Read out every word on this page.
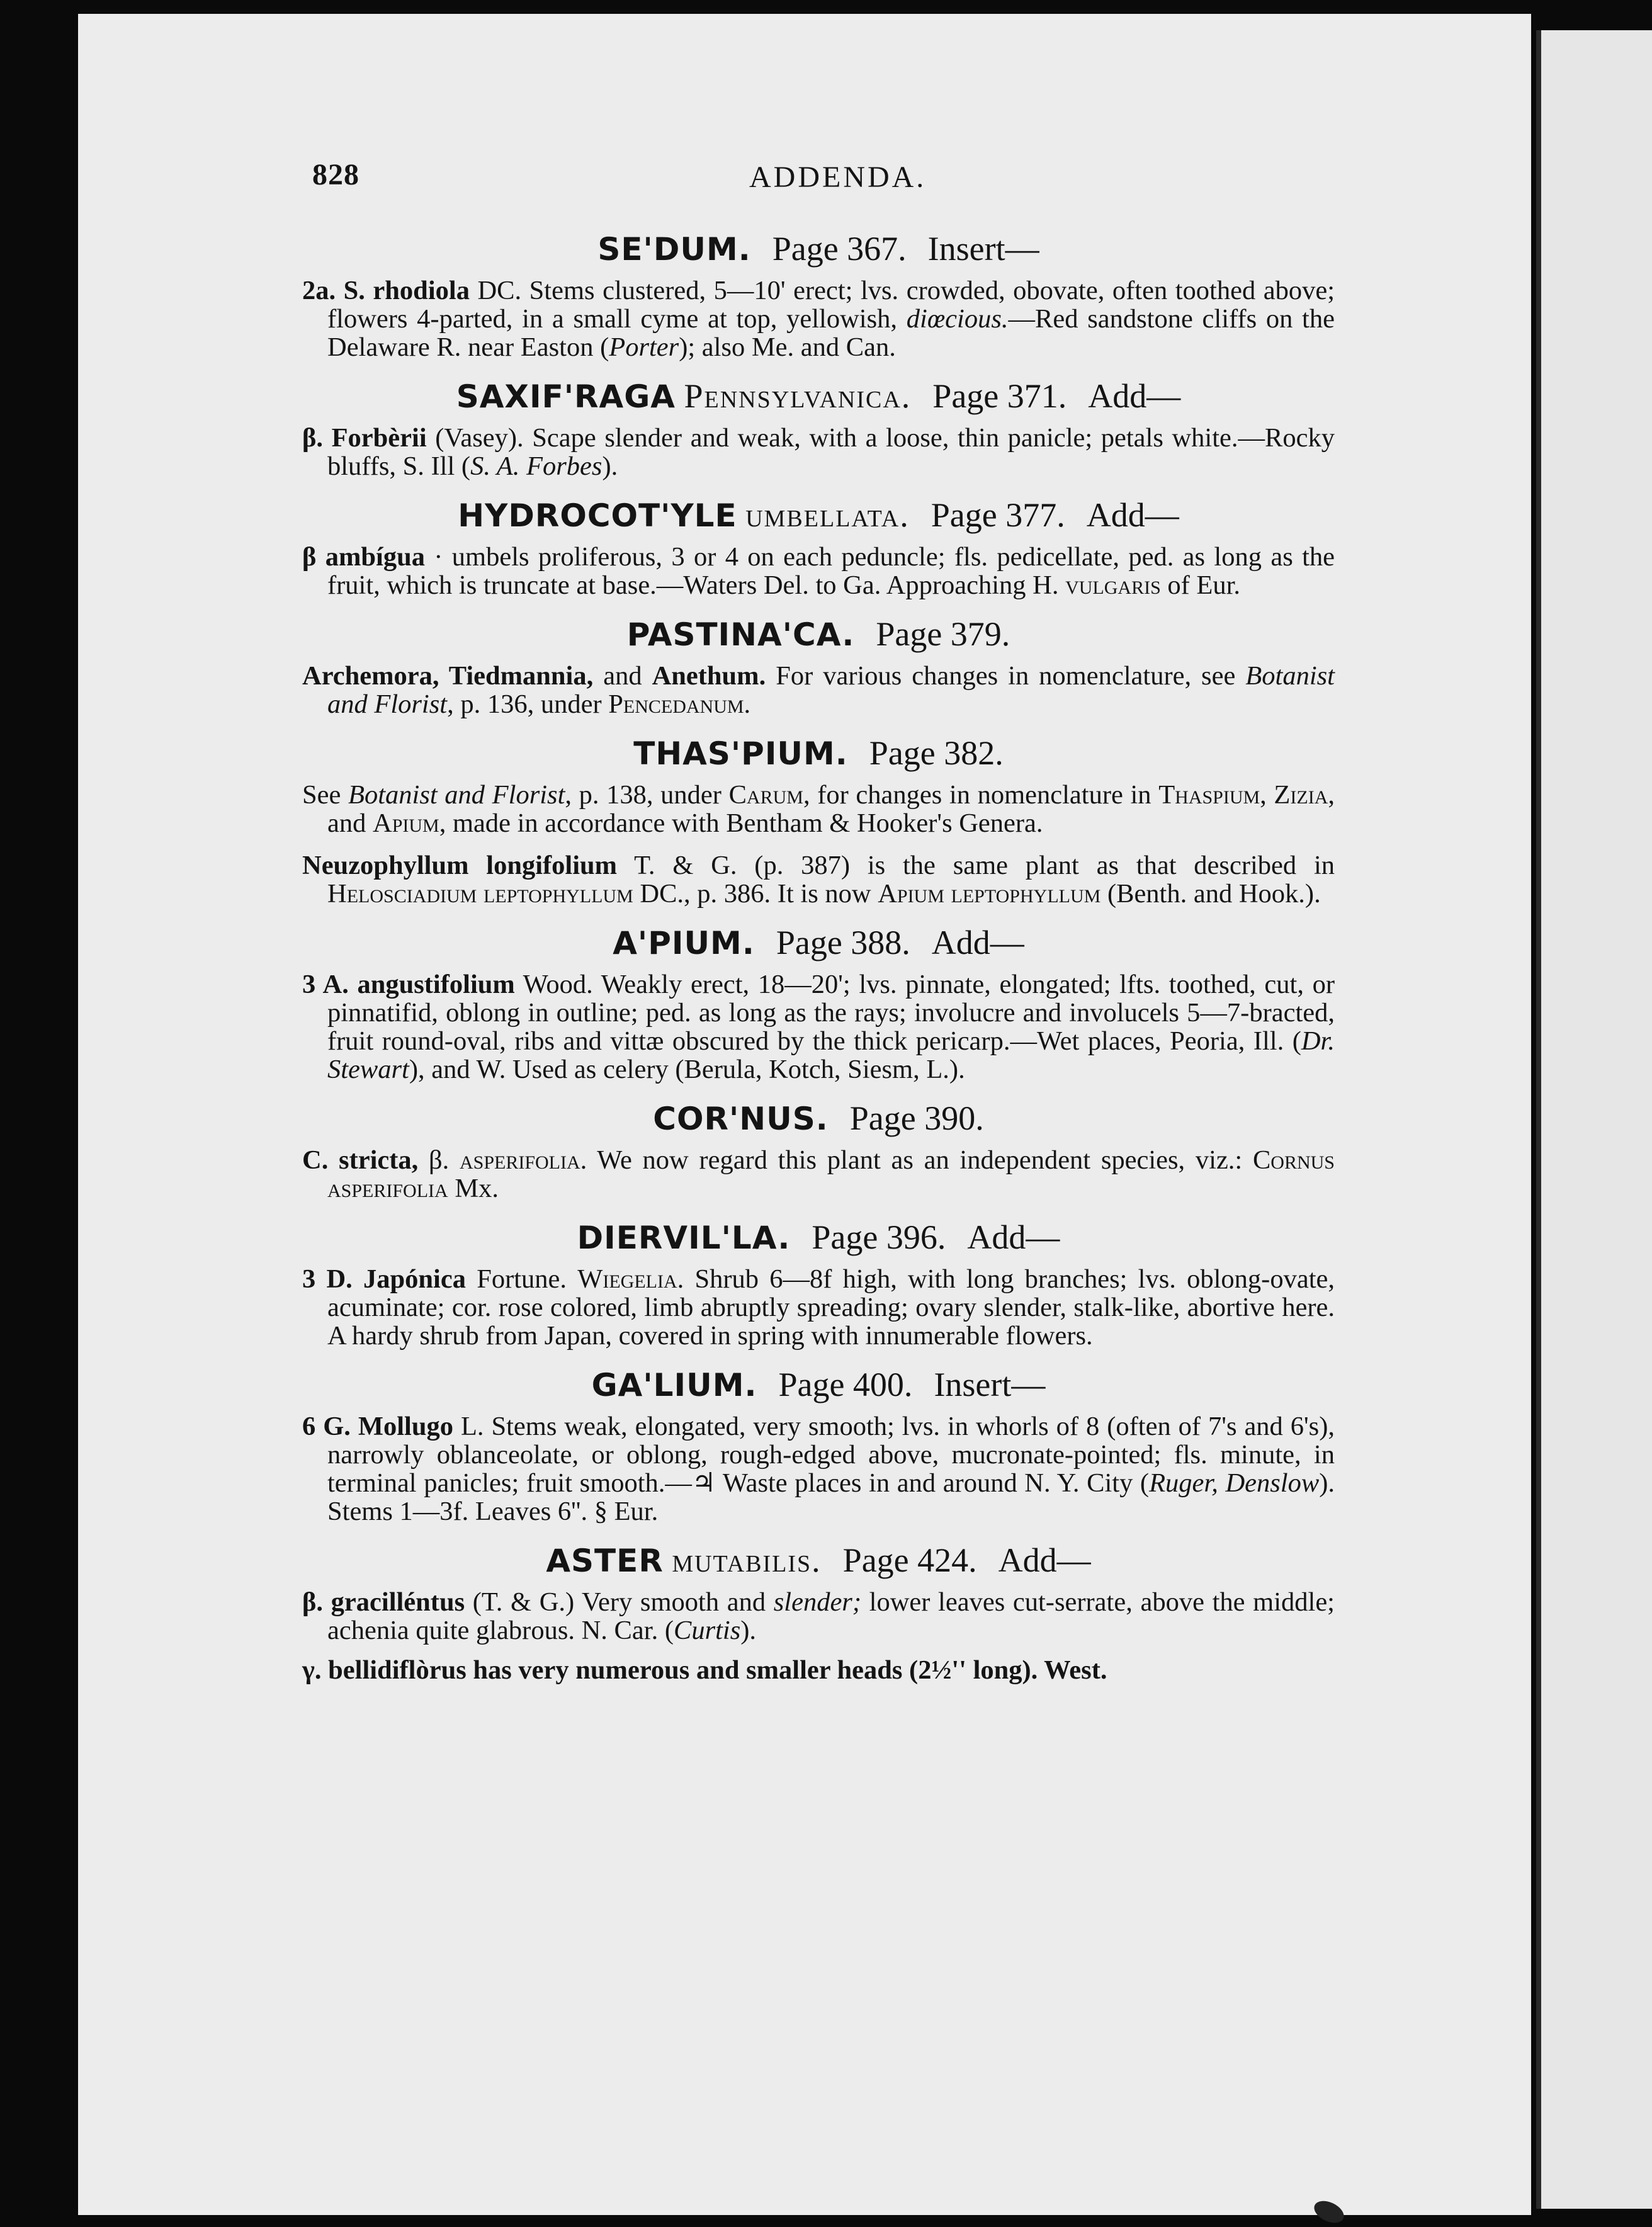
828	ADDENDA.
SE'DUM. Page 367. Insert—

2a. S. rhodiola DC. Stems clustered, 5—10' erect; lvs. crowded, obovate, often toothed above; flowers 4-parted, in a small cyme at top, yellowish, diœcious.—Red sandstone cliffs on the Delaware R. near Easton (Porter); also Me. and Can.

SAXIF'RAGA Pennsylvanica. Page 371. Add—

β. Forbèrii (Vasey). Scape slender and weak, with a loose, thin panicle; petals white.—Rocky bluffs, S. Ill (S. A. Forbes).

HYDROCOT'YLE umbellata. Page 377. Add—

β ambígua · umbels proliferous, 3 or 4 on each peduncle; fls. pedicellate, ped. as long as the fruit, which is truncate at base.—Waters Del. to Ga. Approaching H. vulgaris of Eur.

PASTINA'CA. Page 379.

Archemora, Tiedmannia, and Anethum. For various changes in nomenclature, see Botanist and Florist, p. 136, under Pencedanum.

THAS'PIUM. Page 382.

See Botanist and Florist, p. 138, under Carum, for changes in nomenclature in Thaspium, Zizia, and Apium, made in accordance with Bentham & Hooker's Genera.

Neuzophyllum longifolium T. & G. (p. 387) is the same plant as that described in Helosciadium leptophyllum DC., p. 386. It is now Apium leptophyllum (Benth. and Hook.).

A'PIUM. Page 388. Add—

3 A. angustifolium Wood. Weakly erect, 18—20'; lvs. pinnate, elongated; lfts. toothed, cut, or pinnatifid, oblong in outline; ped. as long as the rays; involucre and involucels 5—7-bracted, fruit round-oval, ribs and vittæ obscured by the thick pericarp.—Wet places, Peoria, Ill. (Dr. Stewart), and W. Used as celery (Berula, Kotch, Siesm, L.).

COR'NUS. Page 390.

C. stricta, β. asperifolia. We now regard this plant as an independent species, viz.: Cornus asperifolia Mx.

DIERVIL'LA. Page 396. Add—

3 D. Japónica Fortune. Wiegelia. Shrub 6—8f high, with long branches; lvs. oblong-ovate, acuminate; cor. rose colored, limb abruptly spreading; ovary slender, stalk-like, abortive here. A hardy shrub from Japan, covered in spring with innumerable flowers.

GA'LIUM. Page 400. Insert—

6 G. Mollugo L. Stems weak, elongated, very smooth; lvs. in whorls of 8 (often of 7's and 6's), narrowly oblanceolate, or oblong, rough-edged above, mucronate-pointed; fls. minute, in terminal panicles; fruit smooth.—♃ Waste places in and around N. Y. City (Ruger, Denslow). Stems 1—3f. Leaves 6''. § Eur.

ASTER mutabilis. Page 424. Add—

β. gracilléntus (T. & G.) Very smooth and slender; lower leaves cut-serrate, above the middle; achenia quite glabrous. N. Car. (Curtis).

γ. bellidiflòrus has very numerous and smaller heads (2½'' long). West.
